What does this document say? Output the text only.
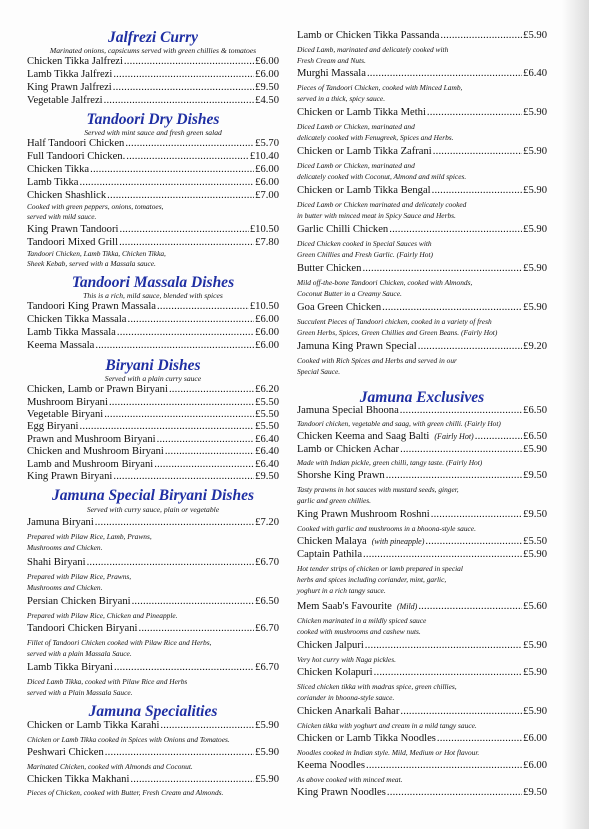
Jalfrezi Curry
Marinated onions, capsicums served with green chillies & tomatoes
Chicken Tikka Jalfrezi .....	£6.00
Lamb Tikka Jalfrezi .....	£6.00
King Prawn Jalfrezi .....	£9.50
Vegetable Jalfrezi .....	£4.50
Tandoori Dry Dishes
Served with mint sauce and fresh green salad
Half Tandoori Chicken .....	£5.70
Full Tandoori Chicken. .....	£10.40
Chicken Tikka .....	£6.00
Lamb Tikka .....	£6.00
Chicken Shashlick .....	£7.00
Cooked with green peppers, onions, tomatoes,
served with mild sauce.
King Prawn Tandoori .....	£10.50
Tandoori Mixed Grill .....	£7.80
Tandoori Chicken, Lamb Tikka, Chicken Tikka,
Sheek Kebab, served with a Massala sauce.
Tandoori Massala Dishes
This is a rich, mild sauce, blended with spices
Tandoori King Prawn Massala .....	£10.50
Chicken Tikka Massala .....	£6.00
Lamb Tikka Massala .....	£6.00
Keema Massala .....	£6.00
Biryani Dishes
Served with a plain curry sauce
Chicken, Lamb or Prawn Biryani .....	£6.20
Mushroom Biryani .....	£5.50
Vegetable Biryani .....	£5.50
Egg Biryani .....	£5.50
Prawn and Mushroom Biryani .....	£6.40
Chicken and Mushroom Biryani .....	£6.40
Lamb and Mushroom Biryani .....	£6.40
King Prawn Biryani .....	£9.50
Jamuna Special Biryani Dishes
Served with curry sauce, plain or vegetable
Jamuna Biryani .....	£7.20
Prepared with Pilaw Rice, Lamb, Prawns,
Mushrooms and Chicken.
Shahi Biryani .....	£6.70
Prepared with Pilaw Rice, Prawns,
Mushrooms and Chicken.
Persian Chicken Biryani .....	£6.50
Prepared with Pilaw Rice, Chicken and Pineapple.
Tandoori Chicken Biryani .....	£6.70
Fillet of Tandoori Chicken cooked with Pilaw Rice and Herbs,
served with a plain Massala Sauce.
Lamb Tikka Biryani .....	£6.70
Diced Lamb Tikka, cooked with Pilaw Rice and Herbs
served with a Plain Massala Sauce.
Jamuna Specialities
Chicken or Lamb Tikka Karahi .....	£5.90
Chicken or Lamb Tikka cooked in Spices with Onions and Tomatoes.
Peshwari Chicken .....	£5.90
Marinated Chicken, cooked with Almonds and Coconut.
Chicken Tikka Makhani .....	£5.90
Pieces of Chicken, cooked with Butter, Fresh Cream and Almonds.
Lamb or Chicken Tikka Passanda .....	£5.90
Diced Lamb, marinated and delicately cooked with
Fresh Cream and Nuts.
Murghi Massala .....	£6.40
Pieces of Tandoori Chicken, cooked with Minced Lamb,
served in a thick, spicy sauce.
Chicken or Lamb Tikka Methi .....	£5.90
Diced Lamb or Chicken, marinated and
delicately cooked with Fenugreek, Spices and Herbs.
Chicken or Lamb Tikka Zafrani .....	£5.90
Diced Lamb or Chicken, marinated and
delicately cooked with Coconut, Almond and mild spices.
Chicken or Lamb Tikka Bengal .....	£5.90
Diced Lamb or Chicken marinated and delicately cooked
in butter with minced meat in Spicy Sauce and Herbs.
Garlic Chilli Chicken .....	£5.90
Diced Chicken cooked in Special Sauces with
Green Chillies and Fresh Garlic. (Fairly Hot)
Butter Chicken .....	£5.90
Mild off-the-bone Tandoori Chicken, cooked with Almonds,
Coconut Butter in a Creamy Sauce.
Goa Green Chicken .....	£5.90
Succulent Pieces of Tandoori chicken, cooked in a variety of fresh
Green Herbs, Spices, Green Chillies and Green Beans. (Fairly Hot)
Jamuna King Prawn Special .....	£9.20
Cooked with Rich Spices and Herbs and served in our
Special Sauce.
Jamuna Exclusives
Jamuna Special Bhoona .....	£6.50
Tandoori chicken, vegetable and saag, with green chilli. (Fairly Hot)
Chicken Keema and Saag Balti (Fairly Hot) .....	£6.50
Lamb or Chicken Achar .....	£5.90
Made with Indian pickle, green chilli, tangy taste. (Fairly Hot)
Shorshe King Prawn .....	£9.50
Tasty prawns in hot sauces with mustard seeds, ginger,
garlic and green chillies.
King Prawn Mushroom Roshni .....	£9.50
Cooked with garlic and mushrooms in a bhoona-style sauce.
Chicken Malaya (with pineapple) .....	£5.50
Captain Pathila .....	£5.90
Hot tender strips of chicken or lamb prepared in special
herbs and spices including coriander, mint, garlic,
yoghurt in a rich tangy sauce.
Mem Saab's Favourite (Mild) .....	£5.60
Chicken marinated in a mildly spiced sauce
cooked with mushrooms and cashew nuts.
Chicken Jalpuri .....	£5.90
Very hot curry with Naga pickles.
Chicken Kolapuri .....	£5.90
Sliced chicken tikka with madras spice, green chillies,
coriander in bhoona-style sauce.
Chicken Anarkali Bahar .....	£5.90
Chicken tikka with yoghurt and cream in a mild tangy sauce.
Chicken or Lamb Tikka Noodles .....	£6.00
Noodles cooked in Indian style. Mild, Medium or Hot flavour.
Keema Noodles .....	£6.00
As above cooked with minced meat.
King Prawn Noodles .....	£9.50
